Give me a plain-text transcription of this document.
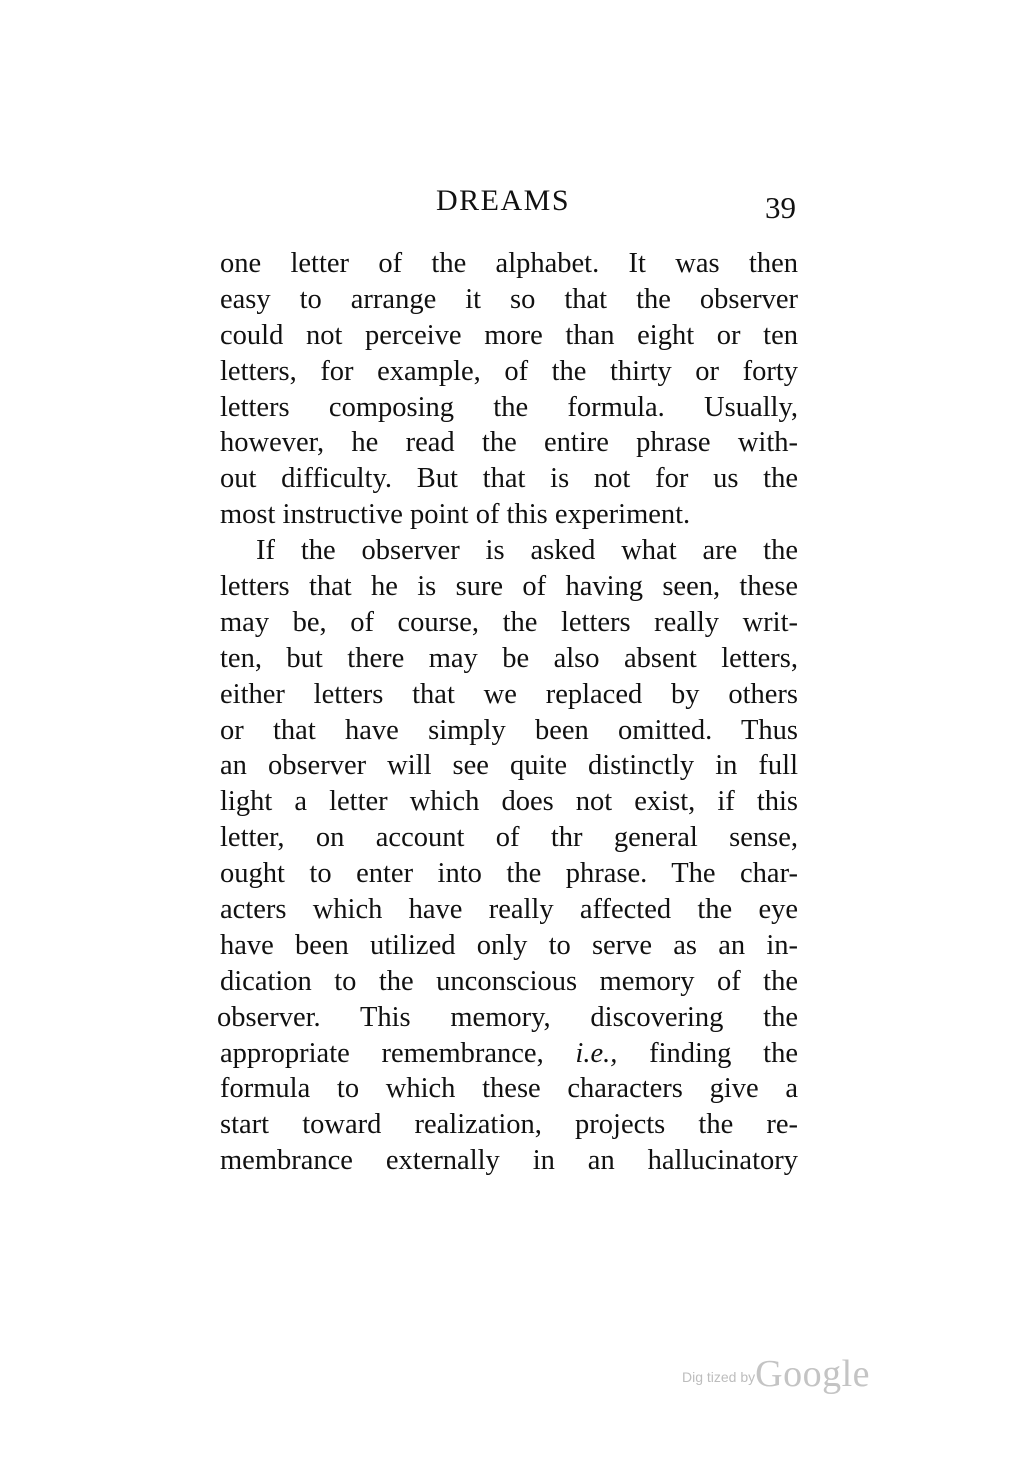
DREAMS	39
one letter of the alphabet. It was then
easy to arrange it so that the observer
could not perceive more than eight or ten
letters, for example, of the thirty or forty
letters composing the formula. Usually,
however, he read the entire phrase with-
out difficulty. But that is not for us the
most instructive point of this experiment.
If the observer is asked what are the
letters that he is sure of having seen, these
may be, of course, the letters really writ-
ten, but there may be also absent letters,
either letters that we replaced by others
or that have simply been omitted. Thus
an observer will see quite distinctly in full
light a letter which does not exist, if this
letter, on account of thr general sense,
ought to enter into the phrase. The char-
acters which have really affected the eye
have been utilized only to serve as an in-
dication to the unconscious memory of the
observer. This memory, discovering the
appropriate remembrance, i.e., finding the
formula to which these characters give a
start toward realization, projects the re-
membrance externally in an hallucinatory
Dig tized byGoogle
